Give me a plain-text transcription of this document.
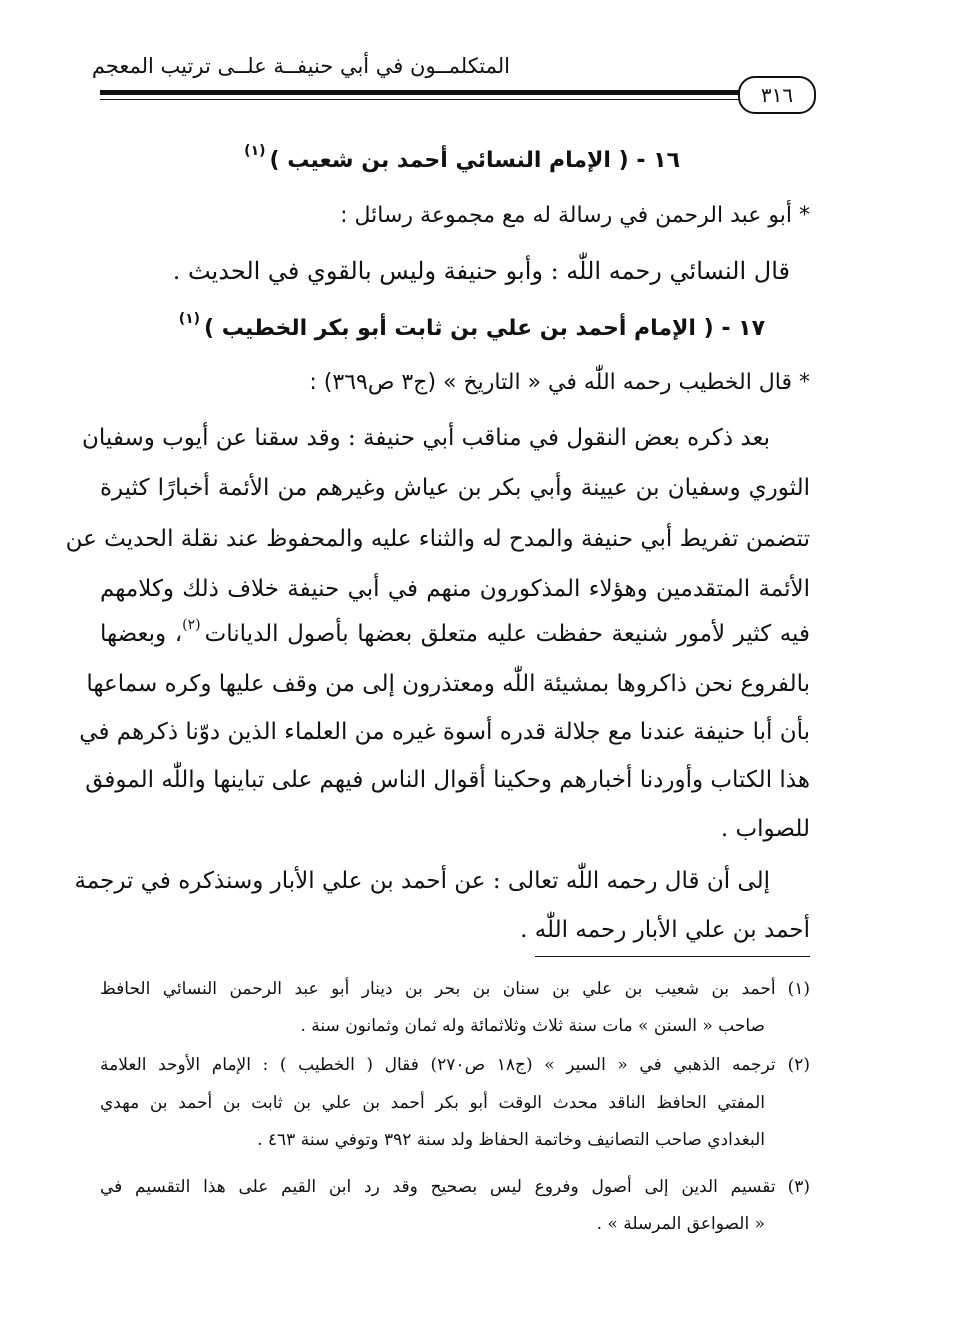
المتكلمــون في أبي حنيفــة علــى ترتيب المعجم
٣١٦
١٦ - ( الإمام النسائي أحمد بن شعيب )$^{(١)}$
* أبو عبد الرحمن في رسالة له مع مجموعة رسائل :
قال النسائي رحمه اللّٰه : وأبو حنيفة وليس بالقوي في الحديث .
١٧ - ( الإمام أحمد بن علي بن ثابت أبو بكر الخطيب )$^{(١)}$
* قال الخطيب رحمه اللّٰه في « التاريخ » (ج٣ ص٣٦٩) :
بعد ذكره بعض النقول في مناقب أبي حنيفة : وقد سقنا عن أيوب وسفيان
الثوري وسفيان بن عيينة وأبي بكر بن عياش وغيرهم من الأئمة أخبارًا كثيرة
تتضمن تفريط أبي حنيفة والمدح له والثناء عليه والمحفوظ عند نقلة الحديث عن
الأئمة المتقدمين وهؤلاء المذكورون منهم في أبي حنيفة خلاف ذلك وكلامهم
فيه كثير لأمور شنيعة حفظت عليه متعلق بعضها بأصول الديانات$^{(٢)}$، وبعضها
بالفروع نحن ذاكروها بمشيئة اللّٰه ومعتذرون إلى من وقف عليها وكره سماعها
بأن أبا حنيفة عندنا مع جلالة قدره أسوة غيره من العلماء الذين دوّنا ذكرهم في
هذا الكتاب وأوردنا أخبارهم وحكينا أقوال الناس فيهم على تباينها واللّٰه الموفق
للصواب .
إلى أن قال رحمه اللّٰه تعالى : عن أحمد بن علي الأبار وسنذكره في ترجمة
أحمد بن علي الأبار رحمه اللّٰه .
(١)أحمد بن شعيب بن علي بن سنان بن بحر بن دينار أبو عبد الرحمن النسائي الحافظ
صاحب « السنن » مات سنة ثلاث وثلاثمائة وله ثمان وثمانون سنة .
(٢)ترجمه الذهبي في « السير » (ج١٨ ص٢٧٠) فقال ( الخطيب ) : الإمام الأوحد العلامة
المفتي الحافظ الناقد محدث الوقت أبو بكر أحمد بن علي بن ثابت بن أحمد بن مهدي
البغدادي صاحب التصانيف وخاتمة الحفاظ ولد سنة ٣٩٢ وتوفي سنة ٤٦٣ .
(٣)تقسيم الدين إلى أصول وفروع ليس بصحيح وقد رد ابن القيم على هذا التقسيم في
« الصواعق المرسلة » .
